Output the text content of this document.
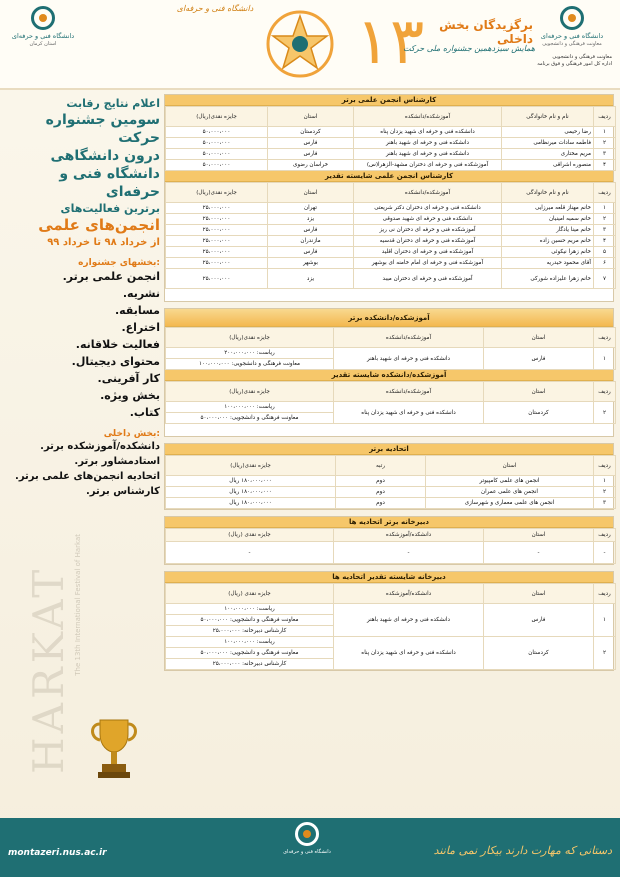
دانشگاه فنی و حرفه‌ای
استان کرمان
دانشگاه فنی و حرفه‌ای	۱۳	برگزیدگان بخش داخلی
همایش سیزدهمین جشنواره ملی حرکت
دانشگاه فنی و حرفه‌ای
معاونت فرهنگی و دانشجویی
معاونت فرهنگی و دانشجویی
اداره کل امور فرهنگی و فوق برنامه
اعلام نتایج رقابت
سومین جشنواره حرکت
درون دانشگاهی
دانشگاه فنی و حرفه‌ای
برترین فعالیت‌های
انجمن‌های علمی
از خرداد ۹۸ تا خرداد ۹۹
بخشهای جشنواره:
.انجمن علمی برتر
.نشریه
.مسابقه
.اختراع
.فعالیت خلاقانه
.محتوای دیجیتال
.کار آفرینی
.بخش ویژه
.کتاب
بخش داخلی:
.دانشکده/آموزشکده برتر
.استادمشاور برتر
.اتحادیه انجمن‌های علمی برتر
.کارشناس برتر
HARKAT The 13th International Festival of Harkat
کارشناس انجمن علمی برتر
ردیف	نام و نام خانوادگی	آموزشکده/دانشکده	استان	جایزه نقدی(ریال)
۱	رضا رحیمی	دانشکده فنی و حرفه ای شهید یزدان پناه	کردستان	۵۰،۰۰۰،۰۰۰
۲	فاطمه سادات میرنظامی	دانشکده فنی و حرفه ای شهید باهنر	فارس	۵۰،۰۰۰،۰۰۰
۳	مریم مختاری	دانشکده فنی و حرفه ای شهید باهنر	فارس	۵۰،۰۰۰،۰۰۰
۴	منصوره اشراقی	آموزشکده فنی و حرفه ای دختران مشهد-الزهرا(س)	خراسان رضوی	۵۰،۰۰۰،۰۰۰
کارشناس انجمن علمی شایسته تقدیر
ردیف	نام و نام خانوادگی	آموزشکده/دانشکده	استان	جایزه نقدی(ریال)
۱	خانم مهناز قلعه میرزایی	دانشکده فنی و حرفه ای دختران دکتر شریعتی	تهران	۲۵،۰۰۰،۰۰۰
۲	خانم سمیه امینیان	دانشکده فنی و حرفه ای شهید صدوقی	یزد	۲۵،۰۰۰،۰۰۰
۳	خانم مینا یادگار	آموزشکده فنی و حرفه ای دختران نی ریز	فارس	۲۵،۰۰۰،۰۰۰
۴	خانم مریم حسین زاده	آموزشکده فنی و حرفه ای دختران قدسیه	مازندران	۲۵،۰۰۰،۰۰۰
۵	خانم زهرا نیکوئی	آموزشکده فنی و حرفه ای دختران اقلید	فارس	۲۵،۰۰۰،۰۰۰
۶	آقای محمود حیدریه	آموزشکده فنی و حرفه ای امام خامنه ای بوشهر	بوشهر	۲۵،۰۰۰،۰۰۰
۷	خانم زهرا علیزاده شورکی	آموزشکده فنی و حرفه ای دختران میبد	یزد	۲۵،۰۰۰،۰۰۰
آموزشکده/دانشکده برتر
ردیف	استان	آموزشکده/دانشکده	جایزه نقدی(ریال)
۱	فارس	دانشکده فنی و حرفه ای شهید باهنر	ریاست: ۲۰۰،۰۰۰،۰۰۰
			معاونت فرهنگی و دانشجویی: ۱۰۰،۰۰۰،۰۰۰
آموزشکده/دانشکده شایسته تقدیر
ردیف	استان	آموزشکده/دانشکده	جایزه نقدی(ریال)
۲	کردستان	دانشکده فنی و حرفه ای شهید یزدان پناه	ریاست: ۱۰۰،۰۰۰،۰۰۰
			معاونت فرهنگی و دانشجویی: ۵۰،۰۰۰،۰۰۰
اتحادیه برتر
ردیف	استان	رتبه	جایزه نقدی(ریال)
۱	انجمن های علمی کامپیوتر	دوم	۱۸۰،۰۰۰،۰۰۰ ریال
۲	انجمن های علمی عمران	دوم	۱۸۰،۰۰۰،۰۰۰ ریال
۳	انجمن های علمی معماری و شهرسازی	دوم	۱۸۰،۰۰۰،۰۰۰ ریال
دبیرخانه برتر اتحادیه ها
ردیف	استان	دانشکده/آموزشکده	جایزه نقدی (ریال)
-	-	-	-
دبیرخانه شایسته تقدیر اتحادیه ها
ردیف	استان	دانشکده/آموزشکده	جایزه نقدی (ریال)
۱	فارس	دانشکده فنی و حرفه ای شهید باهنر	ریاست: ۱۰۰،۰۰۰،۰۰۰
			معاونت فرهنگی و دانشجویی: ۵۰،۰۰۰،۰۰۰
			کارشناس دبیرخانه: ۲۵،۰۰۰،۰۰۰
۲	کردستان	دانشکده فنی و حرفه ای شهید یزدان پناه	ریاست: ۱۰۰،۰۰۰،۰۰۰
			معاونت فرهنگی و دانشجویی: ۵۰،۰۰۰،۰۰۰
			کارشناس دبیرخانه: ۲۵،۰۰۰،۰۰۰
montazeri.nus.ac.ir	دانشگاه فنی و حرفه‌ای	دستانی که مهارت دارند بیکار نمی مانند
